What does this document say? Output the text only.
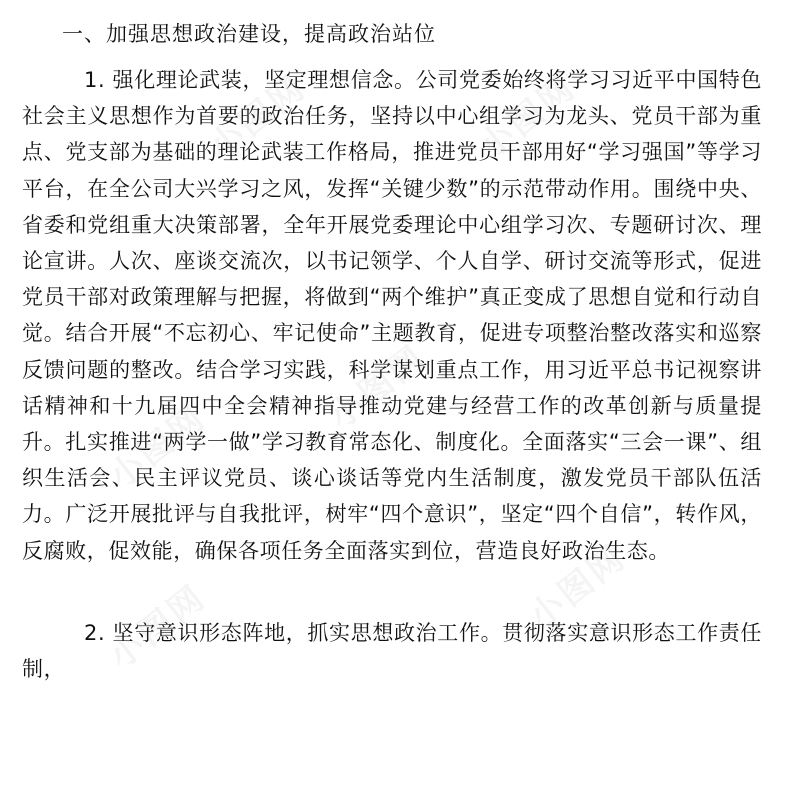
一、加强思想政治建设，提高政治站位

1. 强化理论武装，坚定理想信念。公司党委始终将学习习近平中国特色社会主义思想作为首要的政治任务，坚持以中心组学习为龙头、党员干部为重点、党支部为基础的理论武装工作格局，推进党员干部用好“学习强国”等学习平台，在全公司大兴学习之风，发挥“关键少数”的示范带动作用。围绕中央、省委和党组重大决策部署，全年开展党委理论中心组学习次、专题研讨次、理论宣讲。人次、座谈交流次，以书记领学、个人自学、研讨交流等形式，促进党员干部对政策理解与把握，将做到“两个维护”真正变成了思想自觉和行动自觉。结合开展“不忘初心、牢记使命”主题教育，促进专项整治整改落实和巡察反馈问题的整改。结合学习实践，科学谋划重点工作，用习近平总书记视察讲话精神和十九届四中全会精神指导推动党建与经营工作的改革创新与质量提升。扎实推进“两学一做”学习教育常态化、制度化。全面落实“三会一课”、组织生活会、民主评议党员、谈心谈话等党内生活制度，激发党员干部队伍活力。广泛开展批评与自我批评，树牢“四个意识”，坚定“四个自信”，转作风，反腐败，促效能，确保各项任务全面落实到位，营造良好政治生态。

2. 坚守意识形态阵地，抓实思想政治工作。贯彻落实意识形态工作责任制，

小图网
小图网
小图网
小图网	小图网
小图网
